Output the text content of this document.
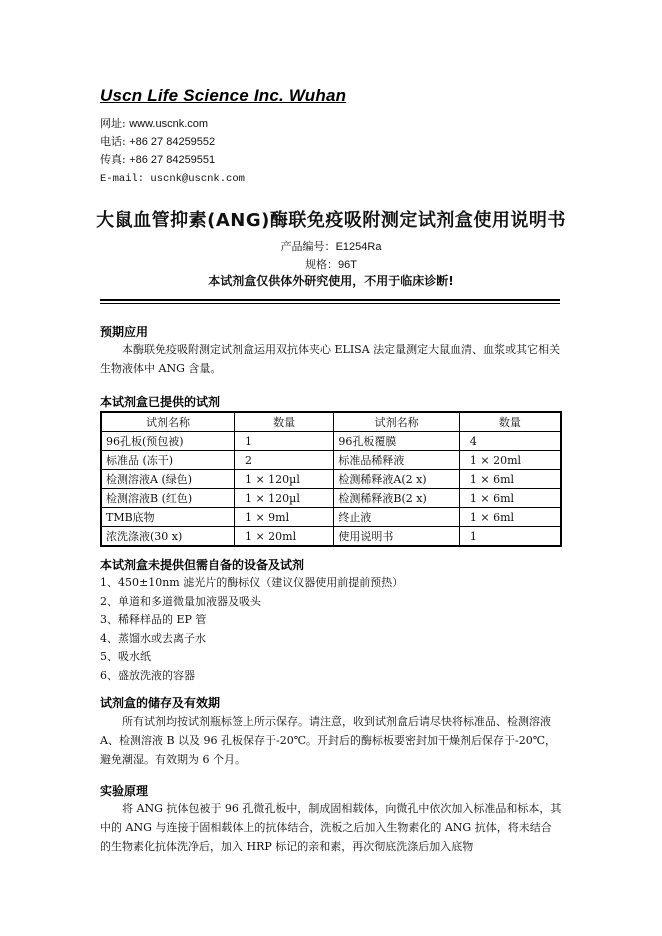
Uscn Life Science Inc. Wuhan
网址: www.uscnk.com
电话: +86 27 84259552
传真: +86 27 84259551
E-mail: uscnk@uscnk.com
大鼠血管抑素(ANG)酶联免疫吸附测定试剂盒使用说明书
产品编号：E1254Ra
规格：96T
本试剂盒仅供体外研究使用，不用于临床诊断!
预期应用

本酶联免疫吸附测定试剂盒运用双抗体夹心 ELISA 法定量测定大鼠血清、血浆或其它相关生物液体中 ANG 含量。

本试剂盒已提供的试剂
试剂名称	数量	试剂名称	数量
96孔板(预包被)	1	96孔板覆膜	4
标准品 (冻干)	2	标准品稀释液	1 × 20ml
检测溶液A (绿色)	1 × 120µl	检测稀释液A(2 x)	1 × 6ml
检测溶液B (红色)	1 × 120µl	检测稀释液B(2 x)	1 × 6ml
TMB底物	1 × 9ml	终止液	1 × 6ml
浓洗涤液(30 x)	1 × 20ml	使用说明书	1
本试剂盒未提供但需自备的设备及试剂
1、450±10nm 滤光片的酶标仪（建议仪器使用前提前预热）
2、单道和多道微量加液器及吸头
3、稀释样品的 EP 管
4、蒸馏水或去离子水
5、吸水纸
6、盛放洗液的容器
试剂盒的储存及有效期

所有试剂均按试剂瓶标签上所示保存。请注意，收到试剂盒后请尽快将标准品、检测溶液 A、检测溶液 B 以及 96 孔板保存于-20℃。开封后的酶标板要密封加干燥剂后保存于-20℃，避免潮湿。有效期为 6 个月。

实验原理

将 ANG 抗体包被于 96 孔微孔板中，制成固相载体，向微孔中依次加入标准品和标本，其中的 ANG 与连接于固相载体上的抗体结合，洗板之后加入生物素化的 ANG 抗体，将未结合的生物素化抗体洗净后，加入 HRP 标记的亲和素，再次彻底洗涤后加入底物
